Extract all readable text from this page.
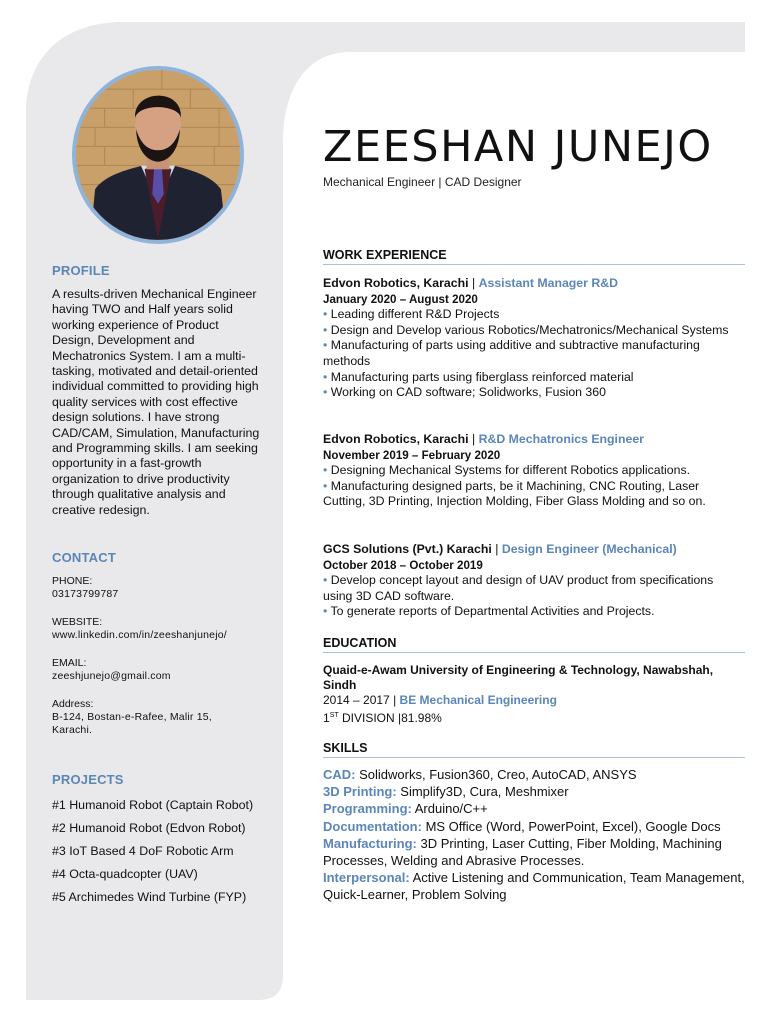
PROFILE
A results-driven Mechanical Engineer having TWO and Half years solid working experience of Product Design, Development and Mechatronics System. I am a multi-tasking, motivated and detail-oriented individual committed to providing high quality services with cost effective design solutions. I have strong CAD/CAM, Simulation, Manufacturing and Programming skills. I am seeking opportunity in a fast-growth organization to drive productivity through qualitative analysis and creative redesign.
CONTACT
PHONE:
03173799787
WEBSITE:
www.linkedin.com/in/zeeshanjunejo/
EMAIL:
zeeshjunejo@gmail.com
Address:
B-124, Bostan-e-Rafee, Malir 15,
Karachi.
PROJECTS
#1 Humanoid Robot (Captain Robot)
#2 Humanoid Robot (Edvon Robot)
#3 IoT Based 4 DoF Robotic Arm
#4 Octa-quadcopter (UAV)
#5 Archimedes Wind Turbine (FYP)
ZEESHAN JUNEJO
Mechanical Engineer | CAD Designer
WORK EXPERIENCE
Edvon Robotics, Karachi | Assistant Manager R&D
January 2020 – August 2020
• Leading different R&D Projects
• Design and Develop various Robotics/Mechatronics/Mechanical Systems
• Manufacturing of parts using additive and subtractive manufacturing methods
• Manufacturing parts using fiberglass reinforced material
• Working on CAD software; Solidworks, Fusion 360
Edvon Robotics, Karachi | R&D Mechatronics Engineer
November 2019 – February 2020
• Designing Mechanical Systems for different Robotics applications.
• Manufacturing designed parts, be it Machining, CNC Routing, Laser Cutting, 3D Printing, Injection Molding, Fiber Glass Molding and so on.
GCS Solutions (Pvt.) Karachi | Design Engineer (Mechanical)
October 2018 – October 2019
• Develop concept layout and design of UAV product from specifications using 3D CAD software.
• To generate reports of Departmental Activities and Projects.
EDUCATION
Quaid-e-Awam University of Engineering & Technology, Nawabshah, Sindh
2014 – 2017 | BE Mechanical Engineering
1ST DIVISION |81.98%
SKILLS
CAD: Solidworks, Fusion360, Creo, AutoCAD, ANSYS
3D Printing: Simplify3D, Cura, Meshmixer
Programming: Arduino/C++
Documentation: MS Office (Word, PowerPoint, Excel), Google Docs
Manufacturing: 3D Printing, Laser Cutting, Fiber Molding, Machining Processes, Welding and Abrasive Processes.
Interpersonal: Active Listening and Communication, Team Management, Quick-Learner, Problem Solving
